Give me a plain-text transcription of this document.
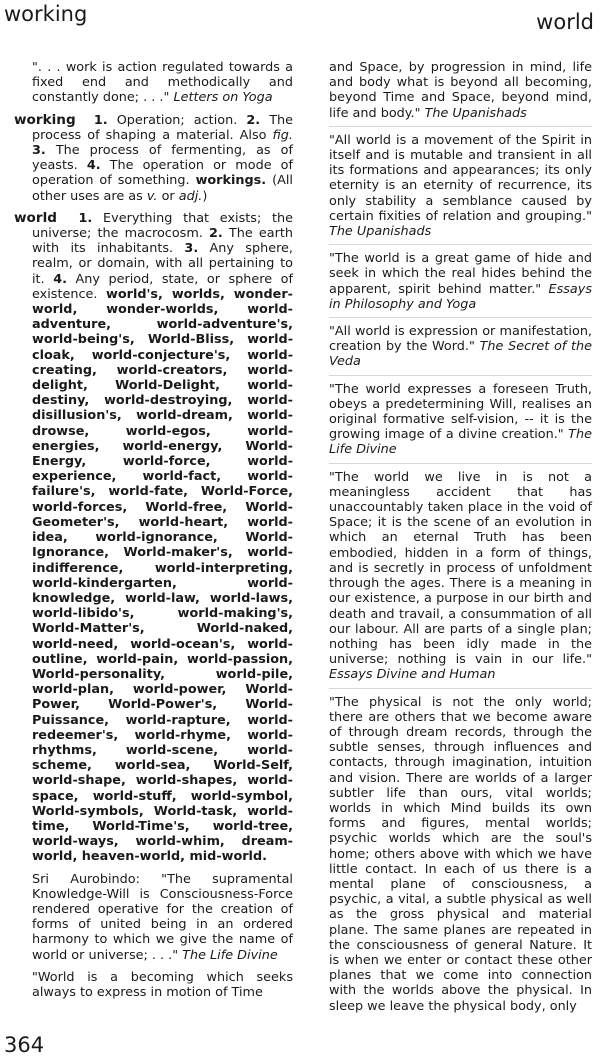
working	world

". . . work is action regulated towards a fixed end and methodically and constantly done; . . ." Letters on Yoga

working 1. Operation; action. 2. The process of shaping a material. Also fig. 3. The process of fermenting, as of yeasts. 4. The operation or mode of operation of something. workings. (All other uses are as v. or adj.)

world 1. Everything that exists; the universe; the macrocosm. 2. The earth with its inhabitants. 3. Any sphere, realm, or domain, with all pertaining to it. 4. Any period, state, or sphere of existence. world's, worlds, wonder-world, wonder-worlds, world-adventure, world-adventure's, world-being's, World-Bliss, world-cloak, world-conjecture's, world-creating, world-creators, world-delight, World-Delight, world-destiny, world-destroying, world-disillusion's, world-dream, world-drowse, world-egos, world-energies, world-energy, World-Energy, world-force, world-experience, world-fact, world-failure's, world-fate, World-Force, world-forces, World-free, World-Geometer's, world-heart, world-idea, world-ignorance, World-Ignorance, World-maker's, world-indifference, world-interpreting, world-kindergarten, world-knowledge, world-law, world-laws, world-libido's, world-making's, World-Matter's, World-naked, world-need, world-ocean's, world-outline, world-pain, world-passion, World-personality, world-pile, world-plan, world-power, World-Power, World-Power's, World-Puissance, world-rapture, world-redeemer's, world-rhyme, world-rhythms, world-scene, world-scheme, world-sea, World-Self, world-shape, world-shapes, world-space, world-stuff, world-symbol, World-symbols, World-task, world-time, World-Time's, world-tree, world-ways, world-whim, dream-world, heaven-world, mid-world.

Sri Aurobindo: "The supramental Knowledge-Will is Consciousness-Force rendered operative for the creation of forms of united being in an ordered harmony to which we give the name of world or universe; . . ." The Life Divine

"World is a becoming which seeks always to express in motion of Time

and Space, by progression in mind, life and body what is beyond all becoming, beyond Time and Space, beyond mind, life and body." The Upanishads
"All world is a movement of the Spirit in itself and is mutable and transient in all its formations and appearances; its only eternity is an eternity of recurrence, its only stability a semblance caused by certain fixities of relation and grouping." The Upanishads
"The world is a great game of hide and seek in which the real hides behind the apparent, spirit behind matter." Essays in Philosophy and Yoga
"All world is expression or manifestation, creation by the Word." The Secret of the Veda
"The world expresses a foreseen Truth, obeys a predetermining Will, realises an original formative self-vision, -- it is the growing image of a divine creation." The Life Divine
"The world we live in is not a meaningless accident that has unaccountably taken place in the void of Space; it is the scene of an evolution in which an eternal Truth has been embodied, hidden in a form of things, and is secretly in process of unfoldment through the ages. There is a meaning in our existence, a purpose in our birth and death and travail, a consummation of all our labour. All are parts of a single plan; nothing has been idly made in the universe; nothing is vain in our life." Essays Divine and Human
"The physical is not the only world; there are others that we become aware of through dream records, through the subtle senses, through influences and contacts, through imagination, intuition and vision. There are worlds of a larger subtler life than ours, vital worlds; worlds in which Mind builds its own forms and figures, mental worlds; psychic worlds which are the soul's home; others above with which we have little contact. In each of us there is a mental plane of consciousness, a psychic, a vital, a subtle physical as well as the gross physical and material plane. The same planes are repeated in the consciousness of general Nature. It is when we enter or contact these other planes that we come into connection with the worlds above the physical. In sleep we leave the physical body, only
364
